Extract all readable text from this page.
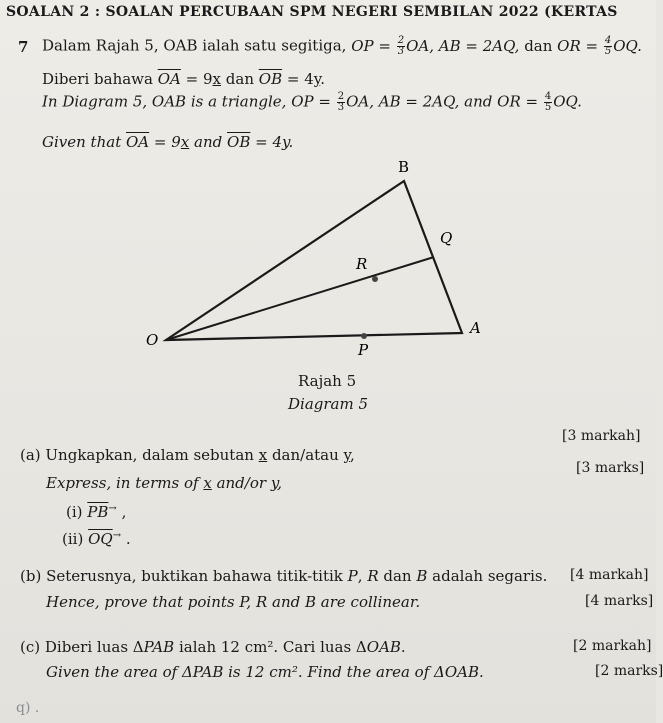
SOALAN 2 : SOALAN PERCUBAAN SPM NEGERI SEMBILAN 2022 (KERTAS
7 Dalam Rajah 5, OAB ialah satu segitiga, OP = $\frac{2}{3}$ OA, AB = 2AQ, dan OR = $\frac{4}{5}$ OQ.
Diberi bahawa $\overline{OA} = 9x$ dan $\overline{OB} = 4y$.
In Diagram 5, OAB is a triangle, OP = $\frac{2}{3}$ OA, AB = 2AQ, and OR = $\frac{4}{5}$ OQ.
Given that $\overline{OA} = 9x$ and $\overline{OB} = 4y$.
B
Q
R
O
A
P
Rajah 5
Diagram 5
(a) Ungkapkan, dalam sebutan x dan/atau y,
[3 markah]
Express, in terms of x and/or y,
[3 marks]
(i) $\overline{PB}^\to$ ,
(ii) $\overline{OQ}^\to$ .
(b) Seterusnya, buktikan bahawa titik-titik P, R dan B adalah segaris. [4 markah]
Hence, prove that points P, R and B are collinear.	[4 marks]
(c) Diberi luas ΔPAB ialah 12 cm². Cari luas ΔOAB.	[2 markah]
Given the area of ΔPAB is 12 cm². Find the area of ΔOAB.	[2 marks]
q) .
